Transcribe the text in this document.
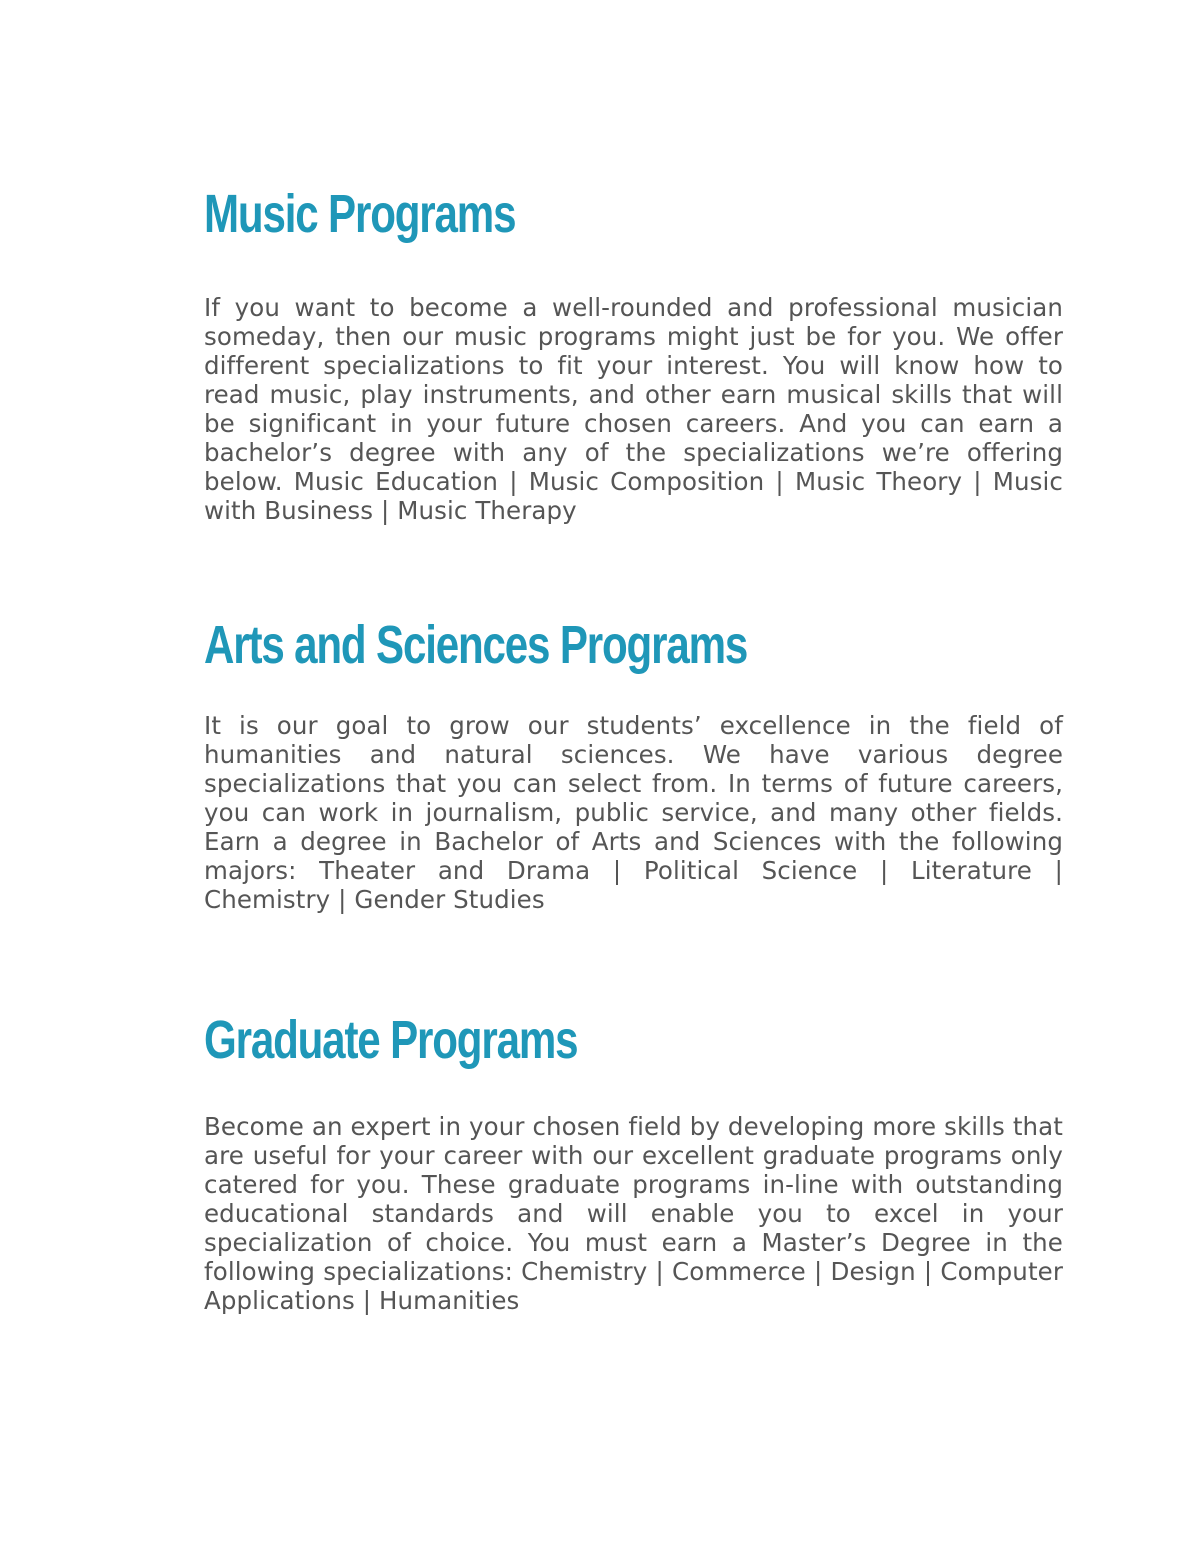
Music Programs

If you want to become a well-rounded and professional musician someday, then our music programs might just be for you. We offer different specializations to fit your interest. You will know how to read music, play instruments, and other earn musical skills that will be significant in your future chosen careers. And you can earn a bachelor’s degree with any of the specializations we’re offering below. Music Education | Music Composition | Music Theory | Music with Business | Music Therapy

Arts and Sciences Programs

It is our goal to grow our students’ excellence in the field of humanities and natural sciences. We have various degree specializations that you can select from. In terms of future careers, you can work in journalism, public service, and many other fields. Earn a degree in Bachelor of Arts and Sciences with the following majors: Theater and Drama | Political Science | Literature | Chemistry | Gender Studies

Graduate Programs

Become an expert in your chosen field by developing more skills that are useful for your career with our excellent graduate programs only catered for you. These graduate programs in-line with outstanding educational standards and will enable you to excel in your specialization of choice. You must earn a Master’s Degree in the following specializations: Chemistry | Commerce | Design | Computer Applications | Humanities
